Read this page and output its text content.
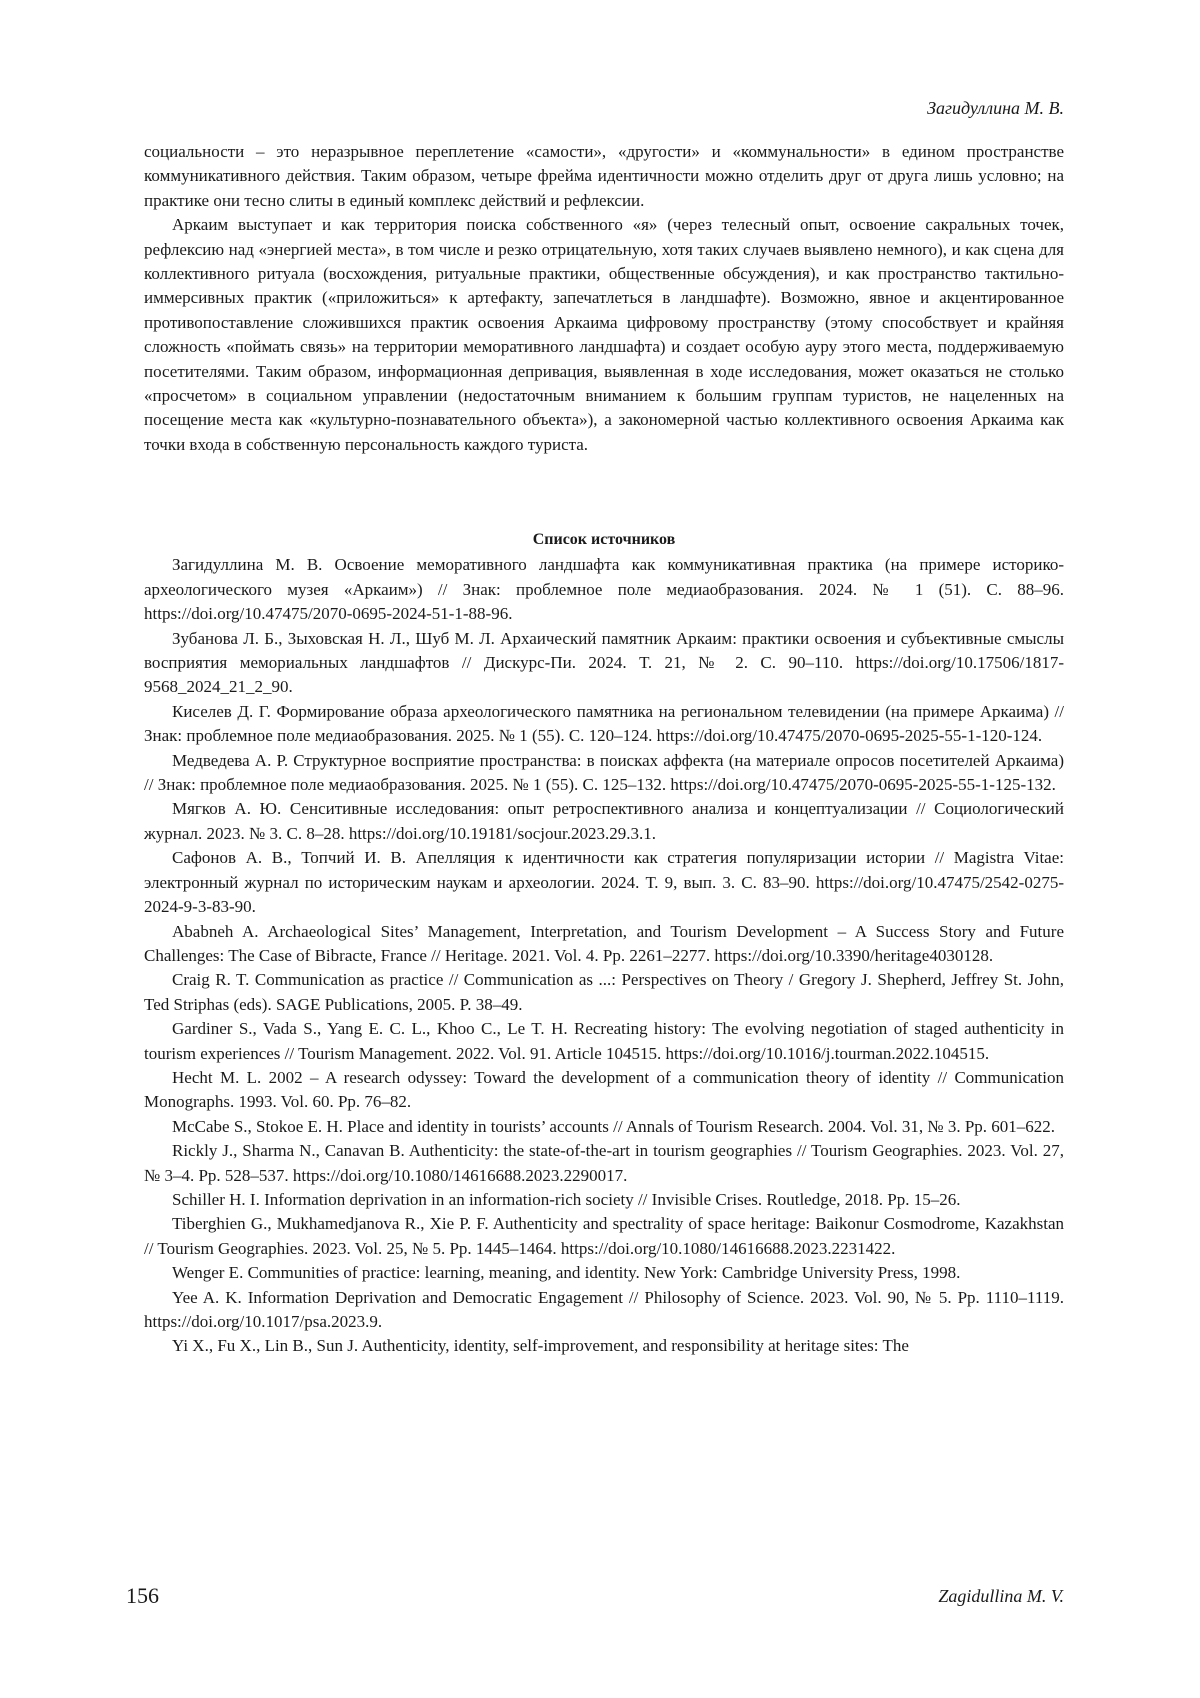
Загидуллина М. В.

социальности – это неразрывное переплетение «самости», «другости» и «коммунальности» в едином пространстве коммуникативного действия. Таким образом, четыре фрейма идентичности можно отделить друг от друга лишь условно; на практике они тесно слиты в единый комплекс действий и рефлексии.

Аркаим выступает и как территория поиска собственного «я» (через телесный опыт, освоение сакральных точек, рефлексию над «энергией места», в том числе и резко отрицательную, хотя таких случаев выявлено немного), и как сцена для коллективного ритуала (восхождения, ритуальные практики, общественные обсуждения), и как пространство тактильно-иммерсивных практик («приложиться» к артефакту, запечатлеться в ландшафте). Возможно, явное и акцентированное противопоставление сложившихся практик освоения Аркаима цифровому пространству (этому способствует и крайняя сложность «поймать связь» на территории меморативного ландшафта) и создает особую ауру этого места, поддерживаемую посетителями. Таким образом, информационная депривация, выявленная в ходе исследования, может оказаться не столько «просчетом» в социальном управлении (недостаточным вниманием к большим группам туристов, не нацеленных на посещение места как «культурно-познавательного объекта»), а закономерной частью коллективного освоения Аркаима как точки входа в собственную персональность каждого туриста.

Список источников

Загидуллина М. В. Освоение меморативного ландшафта как коммуникативная практика (на примере историко-археологического музея «Аркаим») // Знак: проблемное поле медиаобразования. 2024. № 1 (51). С. 88–96. https://doi.org/10.47475/2070-0695-2024-51-1-88-96.

Зубанова Л. Б., Зыховская Н. Л., Шуб М. Л. Архаический памятник Аркаим: практики освоения и субъективные смыслы восприятия мемориальных ландшафтов // Дискурс-Пи. 2024. Т. 21, № 2. С. 90–110. https://doi.org/10.17506/1817-9568_2024_21_2_90.

Киселев Д. Г. Формирование образа археологического памятника на региональном телевидении (на примере Аркаима) // Знак: проблемное поле медиаобразования. 2025. № 1 (55). С. 120–124. https://doi.org/10.47475/2070-0695-2025-55-1-120-124.

Медведева А. Р. Структурное восприятие пространства: в поисках аффекта (на материале опросов посетителей Аркаима) // Знак: проблемное поле медиаобразования. 2025. № 1 (55). С. 125–132. https://doi.org/10.47475/2070-0695-2025-55-1-125-132.

Мягков А. Ю. Сенситивные исследования: опыт ретроспективного анализа и концептуализации // Социологический журнал. 2023. № 3. С. 8–28. https://doi.org/10.19181/socjour.2023.29.3.1.

Сафонов А. В., Топчий И. В. Апелляция к идентичности как стратегия популяризации истории // Magistra Vitae: электронный журнал по историческим наукам и археологии. 2024. Т. 9, вып. 3. С. 83–90. https://doi.org/10.47475/2542-0275-2024-9-3-83-90.

Ababneh A. Archaeological Sites’ Management, Interpretation, and Tourism Development – A Success Story and Future Challenges: The Case of Bibracte, France // Heritage. 2021. Vol. 4. Pp. 2261–2277. https://doi.org/10.3390/heritage4030128.

Craig R. T. Communication as practice // Communication as ...: Perspectives on Theory / Gregory J. Shepherd, Jeffrey St. John, Ted Striphas (eds). SAGE Publications, 2005. P. 38–49.

Gardiner S., Vada S., Yang E. C. L., Khoo C., Le T. H. Recreating history: The evolving negotiation of staged authenticity in tourism experiences // Tourism Management. 2022. Vol. 91. Article 104515. https://doi.org/10.1016/j.tourman.2022.104515.

Hecht M. L. 2002 – A research odyssey: Toward the development of a communication theory of identity // Communication Monographs. 1993. Vol. 60. Pp. 76–82.

McCabe S., Stokoe E. H. Place and identity in tourists’ accounts // Annals of Tourism Research. 2004. Vol. 31, № 3. Pp. 601–622.

Rickly J., Sharma N., Canavan B. Authenticity: the state-of-the-art in tourism geographies // Tourism Geographies. 2023. Vol. 27, № 3–4. Pp. 528–537. https://doi.org/10.1080/14616688.2023.2290017.

Schiller H. I. Information deprivation in an information-rich society // Invisible Crises. Routledge, 2018. Pp. 15–26.

Tiberghien G., Mukhamedjanova R., Xie P. F. Authenticity and spectrality of space heritage: Baikonur Cosmodrome, Kazakhstan // Tourism Geographies. 2023. Vol. 25, № 5. Pp. 1445–1464. https://doi.org/10.1080/14616688.2023.2231422.

Wenger E. Communities of practice: learning, meaning, and identity. New York: Cambridge University Press, 1998.

Yee A. K. Information Deprivation and Democratic Engagement // Philosophy of Science. 2023. Vol. 90, № 5. Pp. 1110–1119. https://doi.org/10.1017/psa.2023.9.

Yi X., Fu X., Lin B., Sun J. Authenticity, identity, self-improvement, and responsibility at heritage sites: The

156	Zagidullina M. V.
